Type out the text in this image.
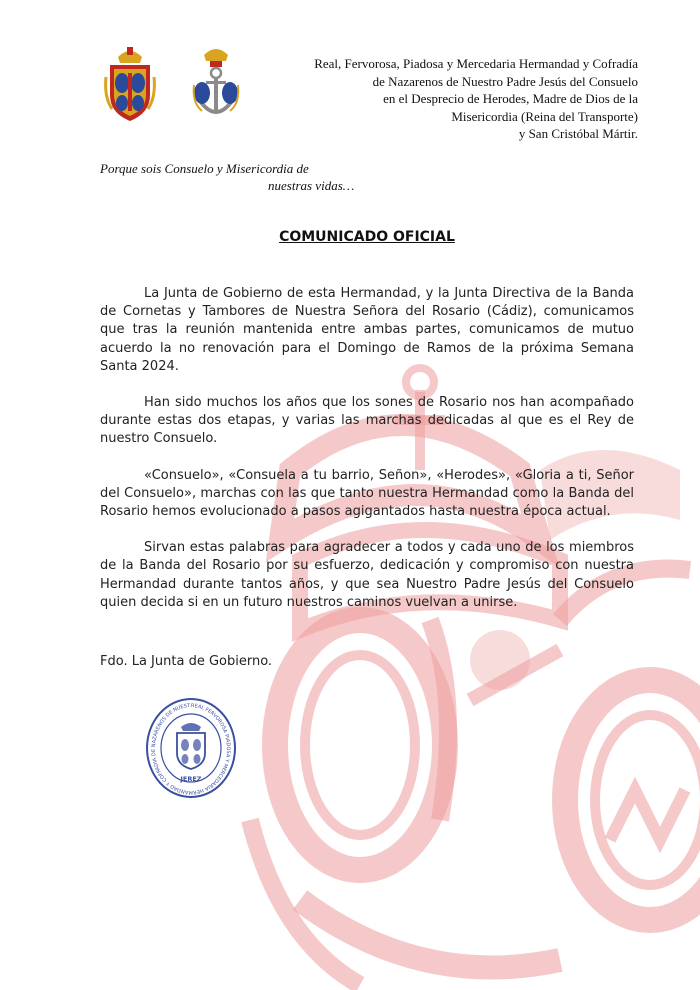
Real, Fervorosa, Piadosa y Mercedaria Hermandad y Cofradía
de Nazarenos de Nuestro Padre Jesús del Consuelo
en el Desprecio de Herodes, Madre de Dios de la
Misericordia (Reina del Transporte)
y San Cristóbal Mártir.
Porque sois Consuelo y Misericordia de
nuestras vidas…
COMUNICADO OFICIAL

La Junta de Gobierno de esta Hermandad, y la Junta Directiva de la Banda de Cornetas y Tambores de Nuestra Señora del Rosario (Cádiz), comunicamos que tras la reunión mantenida entre ambas partes, comunicamos de mutuo acuerdo la no renovación para el Domingo de Ramos de la próxima Semana Santa 2024.

Han sido muchos los años que los sones de Rosario nos han acompañado durante estas dos etapas, y varias las marchas dedicadas al que es el Rey de nuestro Consuelo.

«Consuelo», «Consuela a tu barrio, Señon», «Herodes», «Gloria a ti, Señor del Consuelo», marchas con las que tanto nuestra Hermandad como la Banda del Rosario hemos evolucionado a pasos agigantados hasta nuestra época actual.

Sirvan estas palabras para agradecer a todos y cada uno de los miembros de la Banda del Rosario por su esfuerzo, dedicación y compromiso con nuestra Hermandad durante tantos años, y que sea Nuestro Padre Jesús del Consuelo quien decida si en un futuro nuestros caminos vuelvan a unirse.

Fdo. La Junta de Gobierno.
REAL FERVOROSA PIADOSA Y MERCEDARIA HERMANDAD Y COFRADIA DE NAZARENOS DE NUEST
JEREZ
